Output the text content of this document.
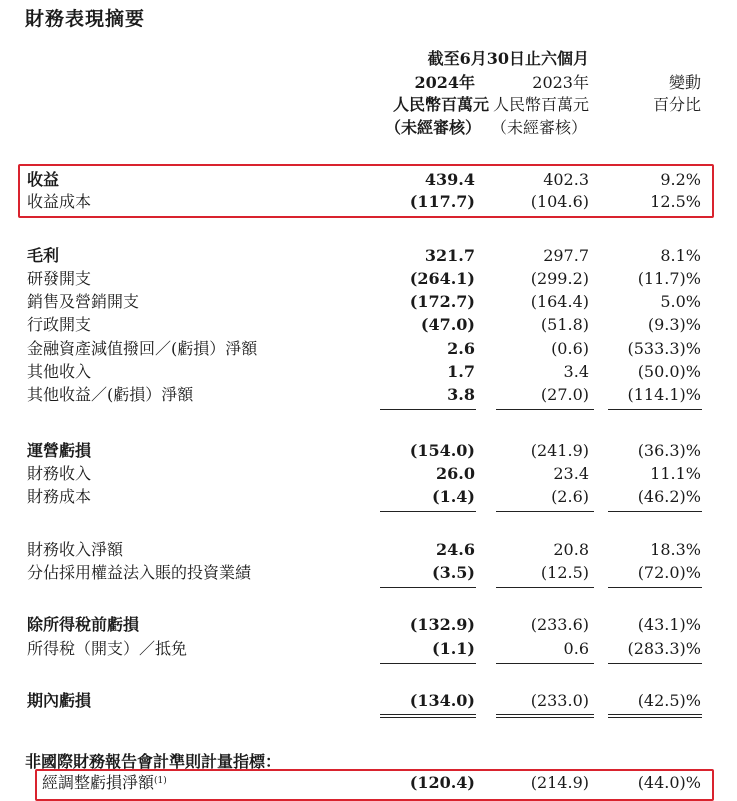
財務表現摘要
截至6月30日止六個月
2024年
人民幣百萬元
（未經審核）
2023年
人民幣百萬元
（未經審核）
變動
百分比
收益	439.4	402.3	9.2%
收益成本	(117.7)	(104.6)	12.5%
毛利	321.7	297.7	8.1%
研發開支	(264.1)	(299.2)	(11.7)%
銷售及營銷開支	(172.7)	(164.4)	5.0%
行政開支	(47.0)	(51.8)	(9.3)%
金融資產減值撥回／(虧損）淨額	2.6	(0.6) (533.3)%
其他收入	1.7	3.4	(50.0)%
其他收益／(虧損）淨額	3.8	(27.0) (114.1)%
運營虧損	(154.0)	(241.9)	(36.3)%
財務收入	26.0	23.4	11.1%
財務成本	(1.4)	(2.6)	(46.2)%
財務收入淨額	24.6	20.8	18.3%
分佔採用權益法入賬的投資業績	(3.5)	(12.5)	(72.0)%
除所得稅前虧損	(132.9)	(233.6)	(43.1)%
所得稅（開支）／抵免	(1.1)	0.6 (283.3)%
期內虧損	(134.0)	(233.0)	(42.5)%
非國際財務報告會計準則計量指標：
經調整虧損淨額$^{(1)}$	(120.4)	(214.9)	(44.0)%
